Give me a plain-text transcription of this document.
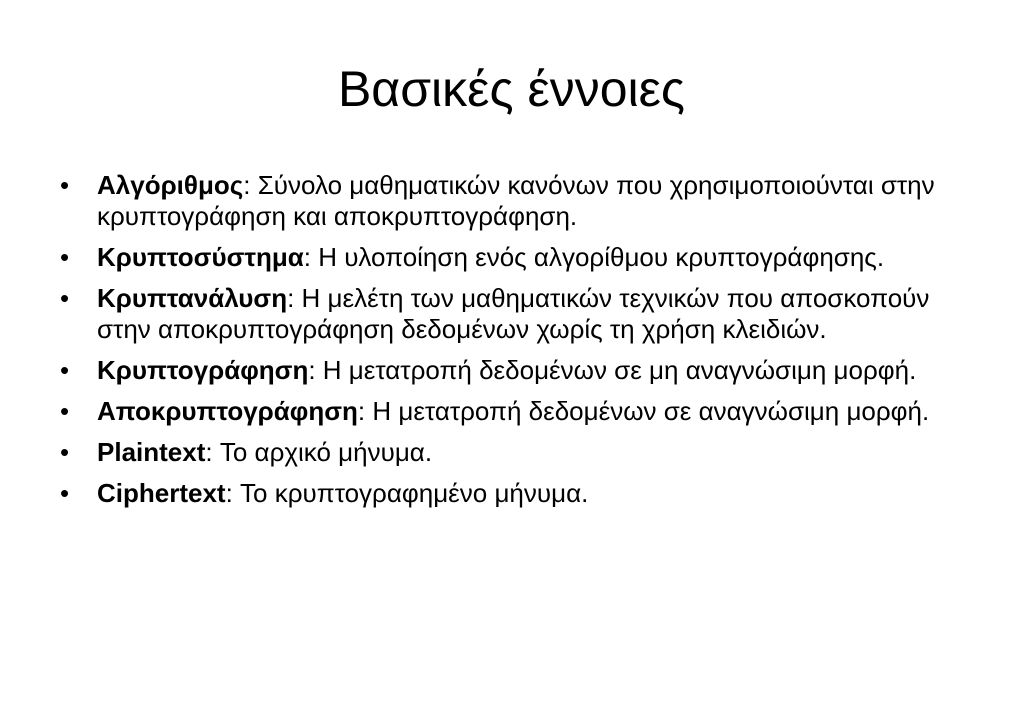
Βασικές έννοιες
•	Αλγόριθμος: Σύνολο μαθηματικών κανόνων που χρησιμοποιούνται στην κρυπτογράφηση και αποκρυπτογράφηση.
•	Κρυπτοσύστημα: Η υλοποίηση ενός αλγορίθμου κρυπτογράφησης.
•	Κρυπτανάλυση: Η μελέτη των μαθηματικών τεχνικών που αποσκοπούν στην αποκρυπτογράφηση δεδομένων χωρίς τη χρήση κλειδιών.
•	Κρυπτογράφηση: Η μετατροπή δεδομένων σε μη αναγνώσιμη μορφή.
•	Αποκρυπτογράφηση: Η μετατροπή δεδομένων σε αναγνώσιμη μορφή.
•	Plaintext: Το αρχικό μήνυμα.
•	Ciphertext: Το κρυπτογραφημένο μήνυμα.
